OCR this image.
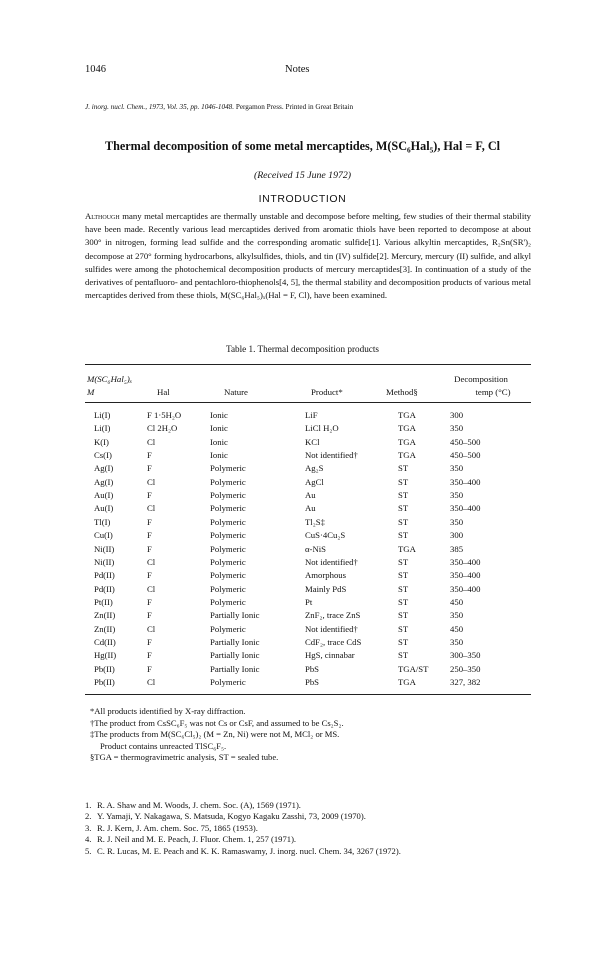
1046	Notes
J. inorg. nucl. Chem., 1973, Vol. 35, pp. 1046-1048. Pergamon Press. Printed in Great Britain
Thermal decomposition of some metal mercaptides, M(SC₆Hal₅), Hal = F, Cl
(Received 15 June 1972)
INTRODUCTION
Although many metal mercaptides are thermally unstable and decompose before melting, few studies of their thermal stability have been made. Recently various lead mercaptides derived from aromatic thiols have been reported to decompose at about 300° in nitrogen, forming lead sulfide and the corresponding aromatic sulfide[1]. Various alkyltin mercaptides, R₂Sn(SR')₂ decompose at 270° forming hydrocarbons, alkylsulfides, thiols, and tin (IV) sulfide[2]. Mercury, mercury (II) sulfide, and alkyl sulfides were among the photochemical decomposition products of mercury mercaptides[3]. In continuation of a study of the derivatives of pentafluoro- and pentachloro-thiophenols[4, 5], the thermal stability and decomposition products of various metal mercaptides derived from these thiols, M(SC₆Hal₅)ₓ(Hal = F, Cl), have been examined.
Table 1. Thermal decomposition products
M(SC₆Hal₅)ₓ	Decomposition
M	Hal	Nature	Product*	Method§	temp (°C)
Li(I)	F 1·5H₂O	Ionic	LiF	TGA	300
Li(I)	Cl 2H₂O	Ionic	LiCl H₂O	TGA	350
K(I)	Cl	Ionic	KCl	TGA	450–500
Cs(I)	F	Ionic	Not identified†	TGA	450–500
Ag(I)	F	Polymeric	Ag₂S	ST	350
Ag(I)	Cl	Polymeric	AgCl	ST	350–400
Au(I)	F	Polymeric	Au	ST	350
Au(I)	Cl	Polymeric	Au	ST	350–400
Tl(I)	F	Polymeric	Tl₂S‡	ST	350
Cu(I)	F	Polymeric	CuS·4Cu₂S	ST	300
Ni(II)	F	Polymeric	α-NiS	TGA	385
Ni(II)	Cl	Polymeric	Not identified†	ST	350–400
Pd(II)	F	Polymeric	Amorphous	ST	350–400
Pd(II)	Cl	Polymeric	Mainly PdS	ST	350–400
Pt(II)	F	Polymeric	Pt	ST	450
Zn(II)	F	Partially Ionic	ZnF₂, trace ZnS	ST	350
Zn(II)	Cl	Polymeric	Not identified†	ST	450
Cd(II)	F	Partially Ionic	CdF₂, trace CdS	ST	350
Hg(II)	F	Partially Ionic	HgS, cinnabar	ST	300–350
Pb(II)	F	Partially Ionic	PbS	TGA/ST 250–350
Pb(II)	Cl	Polymeric	PbS	TGA	327, 382
*All products identified by X-ray diffraction.
†The product from CsSC₆F₅ was not Cs or CsF, and assumed to be Cs₂S₂.
‡The products from M(SC₆Cl₅)₂ (M = Zn, Ni) were not M, MCl₂ or MS.
Product contains unreacted TlSC₆F₅.
§TGA = thermogravimetric analysis, ST = sealed tube.
1. R. A. Shaw and M. Woods, J. chem. Soc. (A), 1569 (1971).
2. Y. Yamaji, Y. Nakagawa, S. Matsuda, Kogyo Kagaku Zasshi, 73, 2009 (1970).
3. R. J. Kern, J. Am. chem. Soc. 75, 1865 (1953).
4. R. J. Neil and M. E. Peach, J. Fluor. Chem. 1, 257 (1971).
5. C. R. Lucas, M. E. Peach and K. K. Ramaswamy, J. inorg. nucl. Chem. 34, 3267 (1972).
